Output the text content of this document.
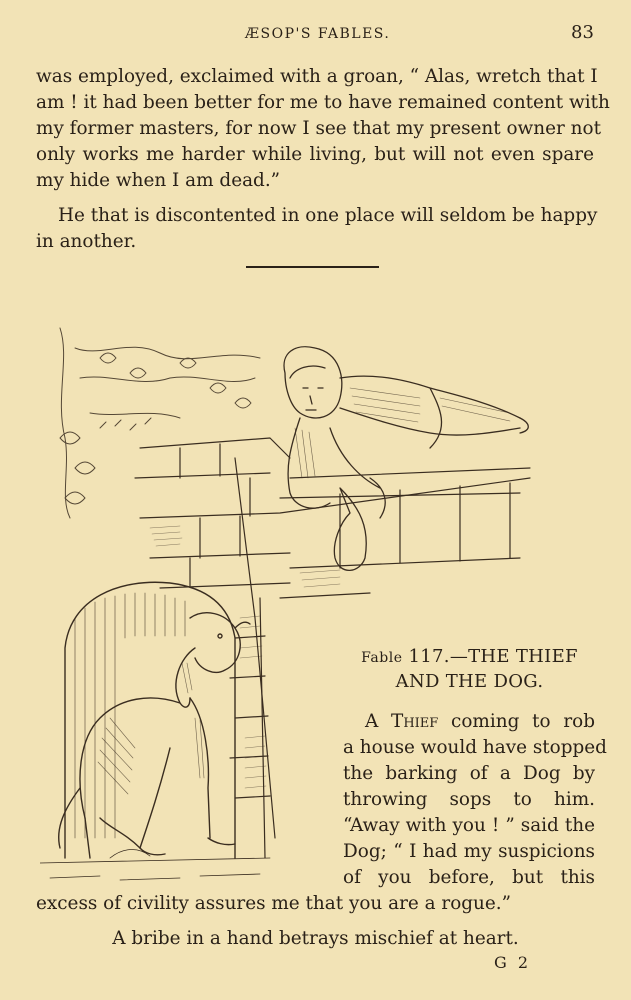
ÆSOP'S FABLES.	83

was employed, exclaimed with a groan, “ Alas, wretch that I
am ! it had been better for me to have remained content with
my former masters, for now I see that my present owner not
only works me harder while living, but will not even spare
my hide when I am dead.”

He that is discontented in one place will seldom be happy
in another.

Fable 117.—THE THIEF
AND THE DOG.

A Thief coming to rob
a house would have stopped
the barking of a Dog by
throwing sops to him.
“Away with you ! ” said the
Dog; “ I had my suspicions
of you before, but this

excess of civility assures me that you are a rogue.”
A bribe in a hand betrays mischief at heart.
G 2
